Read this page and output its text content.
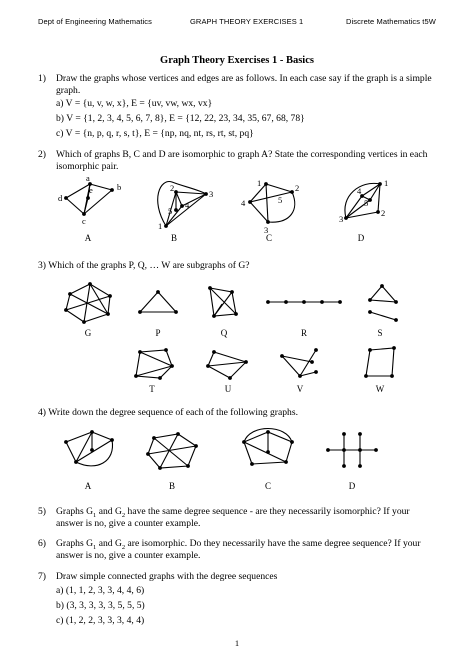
Dept of Engineering Mathematics	GRAPH THEORY EXERCISES 1	Discrete Mathematics t5W
Graph Theory Exercises 1 - Basics
1) Draw the graphs whose vertices and edges are as follows. In each case say if the graph is a simple
graph.
a) V = {u, v, w, x}, E = {uv, vw, wx, vx}
b) V = {1, 2, 3, 4, 5, 6, 7, 8}, E = {12, 22, 23, 34, 35, 67, 68, 78}
c) V = {n, p, q, r, s, t}, E = {np, nq, nt, rs, rt, st, pq}
2) Which of graphs B, C and D are isomorphic to graph A? State the corresponding vertices in each
isomorphic pair.
a
b
c
d
e
1
2
3
4
5
1	2
3
4	5
3
1
4
2
5
A	B	C	D
3) Which of the graphs P, Q, … W are subgraphs of G?
G	P	Q	R	S
T	U	V	W
4) Write down the degree sequence of each of the following graphs.
A	B	C	D
5) Graphs $G_1$ and $G_2$ have the same degree sequence - are they necessarily isomorphic? If your
answer is no, give a counter example.
6) Graphs $G_1$ and $G_2$ are isomorphic. Do they necessarily have the same degree sequence? If your
answer is no, give a counter example.
7) Draw simple connected graphs with the degree sequences
a) (1, 1, 2, 3, 3, 4, 4, 6)
b) (3, 3, 3, 3, 3, 5, 5, 5)
c) (1, 2, 2, 3, 3, 3, 4, 4)
1
